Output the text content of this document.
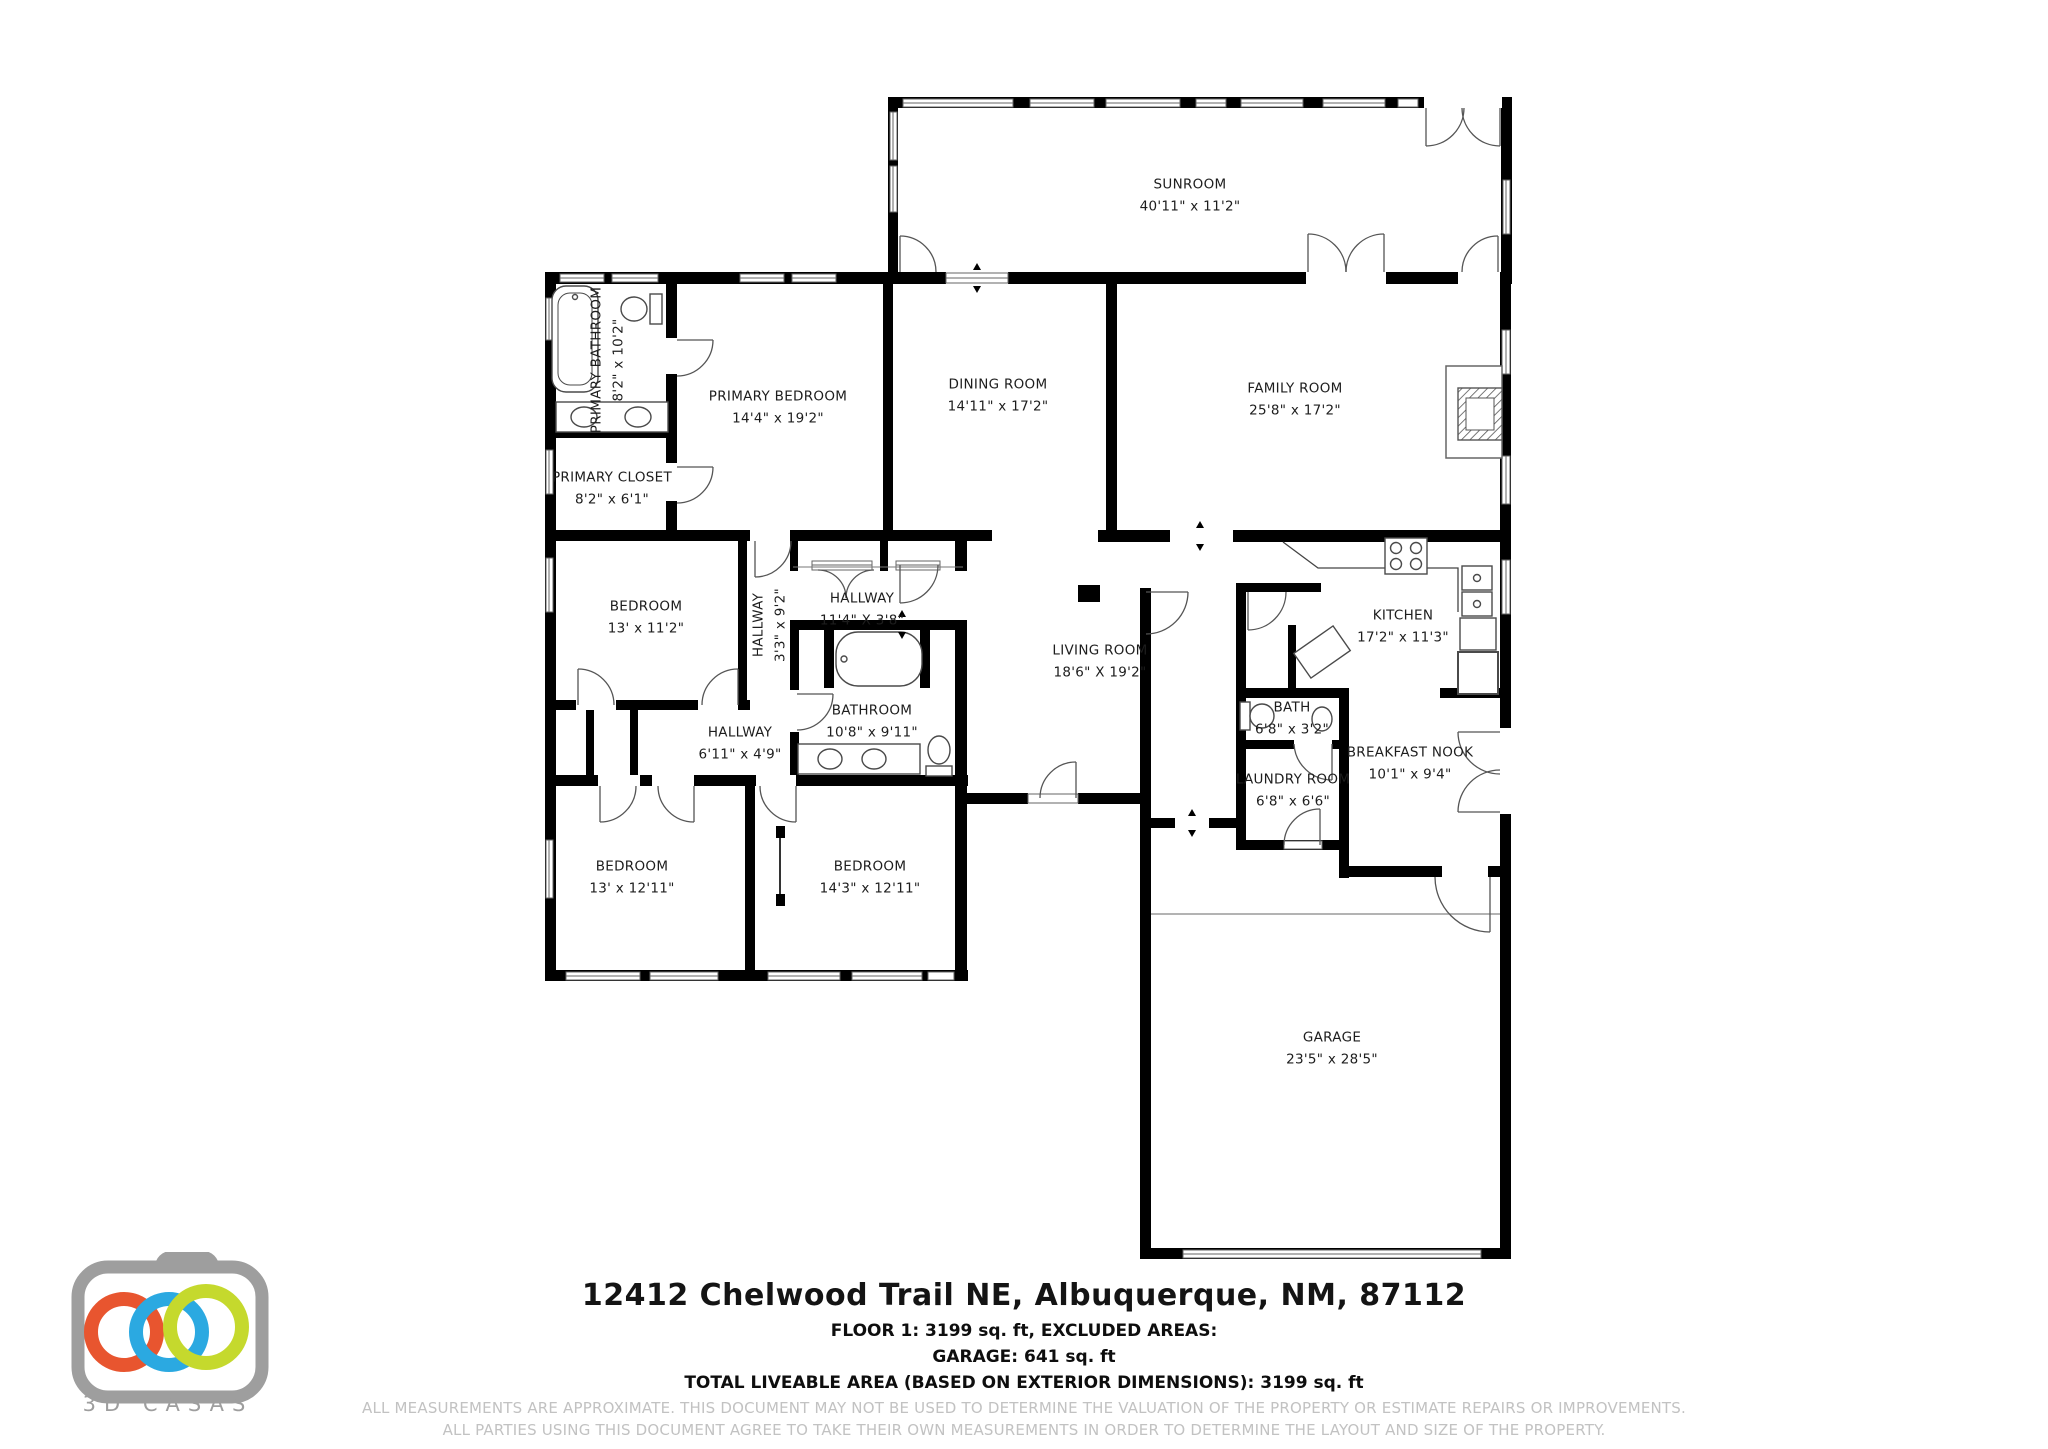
SUNROOM
40'11" x 11'2"
PRIMARY BATHROOM 8'2" x 10'2"	PRIMARY BEDROOM
14'4" x 19'2"
PRIMARY CLOSET
8'2" x 6'1"
DINING ROOM
14'11" x 17'2"
FAMILY ROOM
25'8" x 17'2"
BEDROOM
13' x 11'2"	HALLWAY 3'3" x 9'2"	HALLWAY
11'4" X 3'8"
LIVING ROOM
18'6" X 19'2"
KITCHEN
17'2" x 11'3"
BATHROOM
10'8" x 9'11"
HALLWAY
6'11" x 4'9"
BATH
6'8" x 3'2"
BREAKFAST NOOK
10'1" x 9'4"
LAUNDRY ROOM
6'8" x 6'6"
BEDROOM
13' x 12'11"
BEDROOM
14'3" x 12'11"
GARAGE
23'5" x 28'5"
12412 Chelwood Trail NE, Albuquerque, NM, 87112
FLOOR 1: 3199 sq. ft, EXCLUDED AREAS:
GARAGE: 641 sq. ft
TOTAL LIVEABLE AREA (BASED ON EXTERIOR DIMENSIONS): 3199 sq. ft
ALL MEASUREMENTS ARE APPROXIMATE. THIS DOCUMENT MAY NOT BE USED TO DETERMINE THE VALUATION OF THE PROPERTY OR ESTIMATE REPAIRS OR IMPROVEMENTS.
ALL PARTIES USING THIS DOCUMENT AGREE TO TAKE THEIR OWN MEASUREMENTS IN ORDER TO DETERMINE THE LAYOUT AND SIZE OF THE PROPERTY.
3D CASAS
